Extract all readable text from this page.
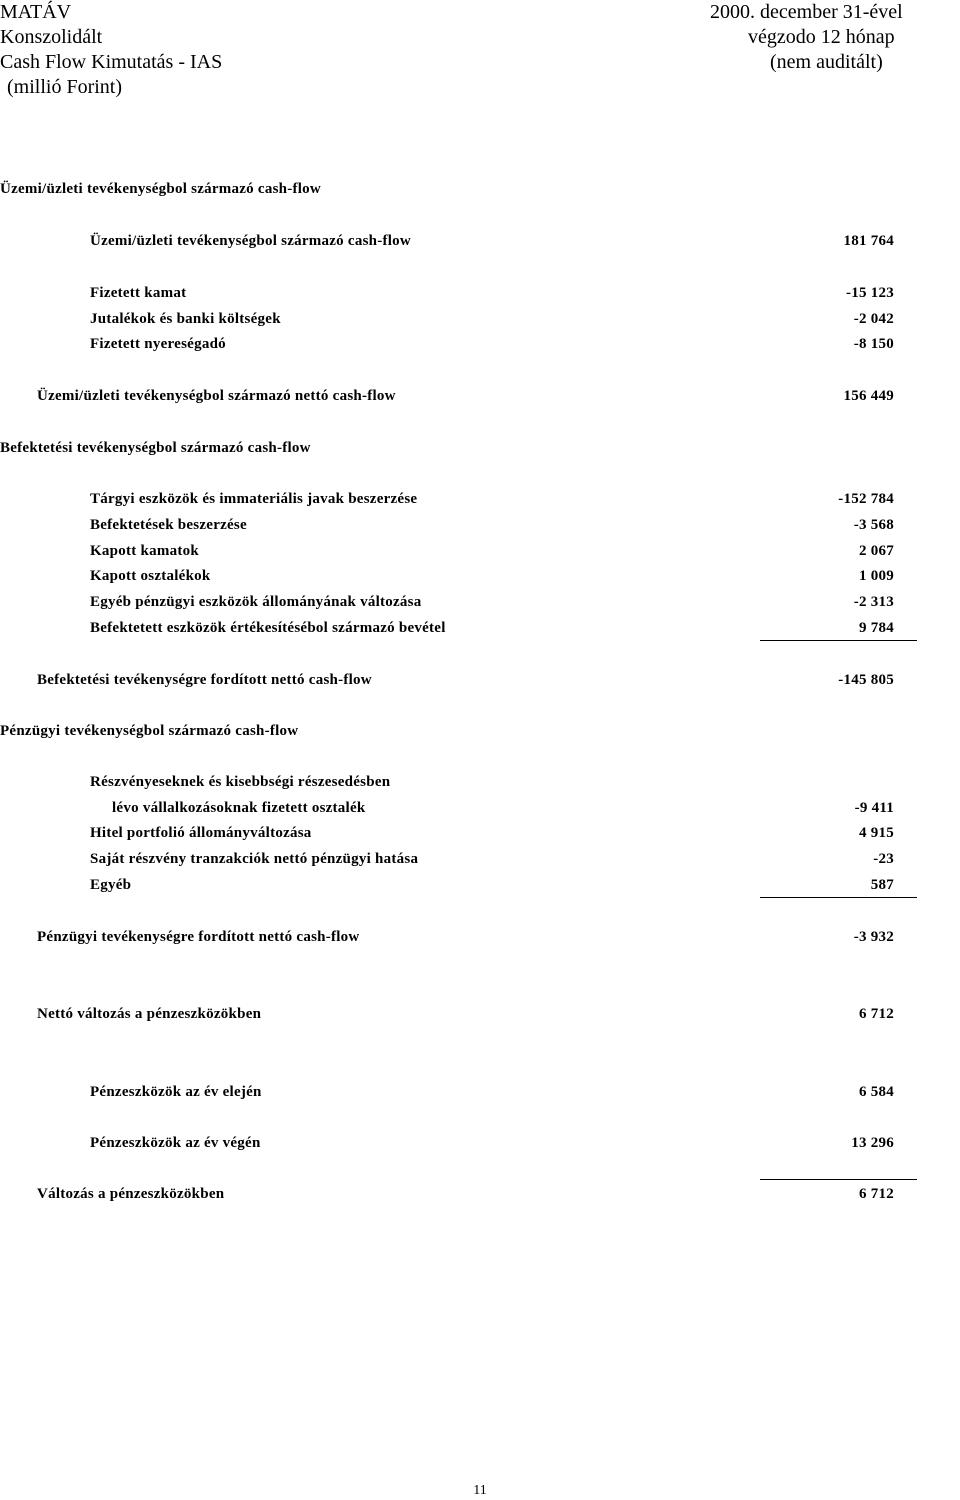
MATÁV
Konszolidált
Cash Flow Kimutatás - IAS
(millió Forint)
2000. december 31-ével
végzodo 12 hónap
(nem auditált)
Üzemi/üzleti tevékenységbol származó cash-flow
Üzemi/üzleti tevékenységbol származó cash-flow	181 764
Fizetett kamat	-15 123
Jutalékok és banki költségek	-2 042
Fizetett nyereségadó	-8 150
Üzemi/üzleti tevékenységbol származó nettó cash-flow	156 449
Befektetési tevékenységbol származó cash-flow
Tárgyi eszközök és immateriális javak beszerzése	-152 784
Befektetések beszerzése	-3 568
Kapott kamatok	2 067
Kapott osztalékok	1 009
Egyéb pénzügyi eszközök állományának változása	-2 313
Befektetett eszközök értékesítésébol származó bevétel	9 784
Befektetési tevékenységre fordított nettó cash-flow	-145 805
Pénzügyi tevékenységbol származó cash-flow
Részvényeseknek és kisebbségi részesedésben
lévo vállalkozásoknak fizetett osztalék	-9 411
Hitel portfolió állományváltozása	4 915
Saját részvény tranzakciók nettó pénzügyi hatása	-23
Egyéb	587
Pénzügyi tevékenységre fordított nettó cash-flow	-3 932
Nettó változás a pénzeszközökben	6 712
Pénzeszközök az év elején	6 584
Pénzeszközök az év végén	13 296
Változás a pénzeszközökben	6 712
11
